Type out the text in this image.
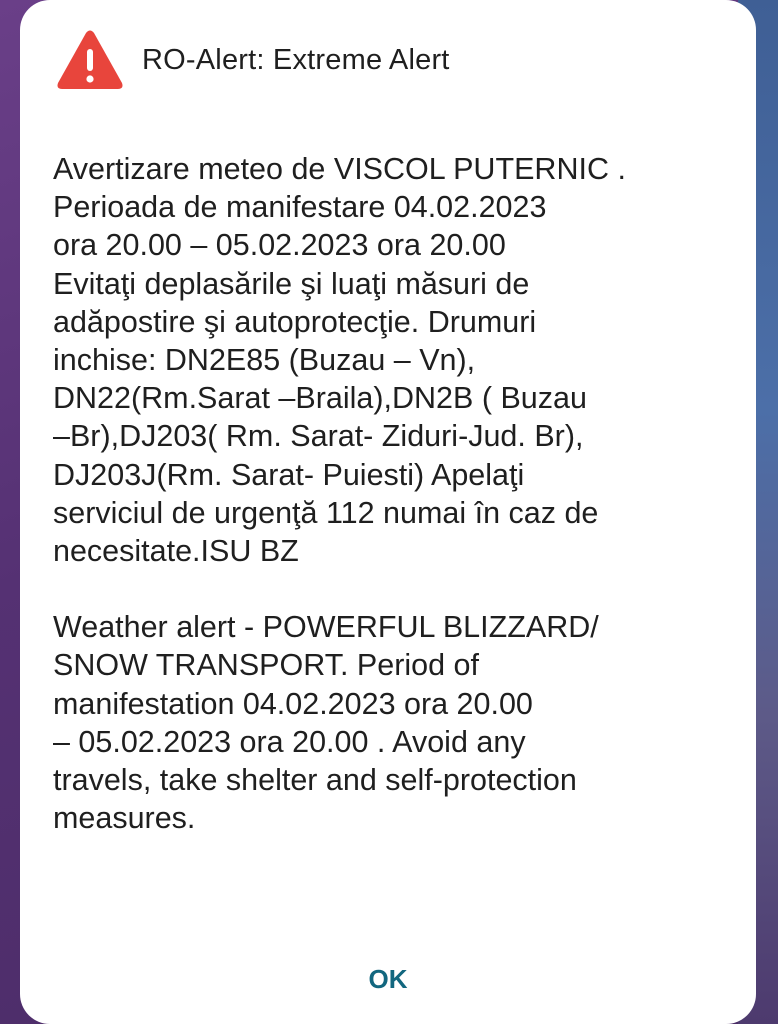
RO-Alert: Extreme Alert

Avertizare meteo de VISCOL PUTERNIC .
Perioada de manifestare 04.02.2023
ora 20.00 – 05.02.2023 ora 20.00
Evitaţi deplasările şi luaţi măsuri de
adăpostire şi autoprotecţie. Drumuri
inchise: DN2E85 (Buzau – Vn),
DN22(Rm.Sarat –Braila),DN2B ( Buzau
–Br),DJ203( Rm. Sarat- Ziduri-Jud. Br),
DJ203J(Rm. Sarat- Puiesti) Apelaţi
serviciul de urgenţă 112 numai în caz de
necesitate.ISU BZ

Weather alert - POWERFUL BLIZZARD/
SNOW TRANSPORT. Period of
manifestation 04.02.2023 ora 20.00
– 05.02.2023 ora 20.00 . Avoid any
travels, take shelter and self-protection
measures.

OK
